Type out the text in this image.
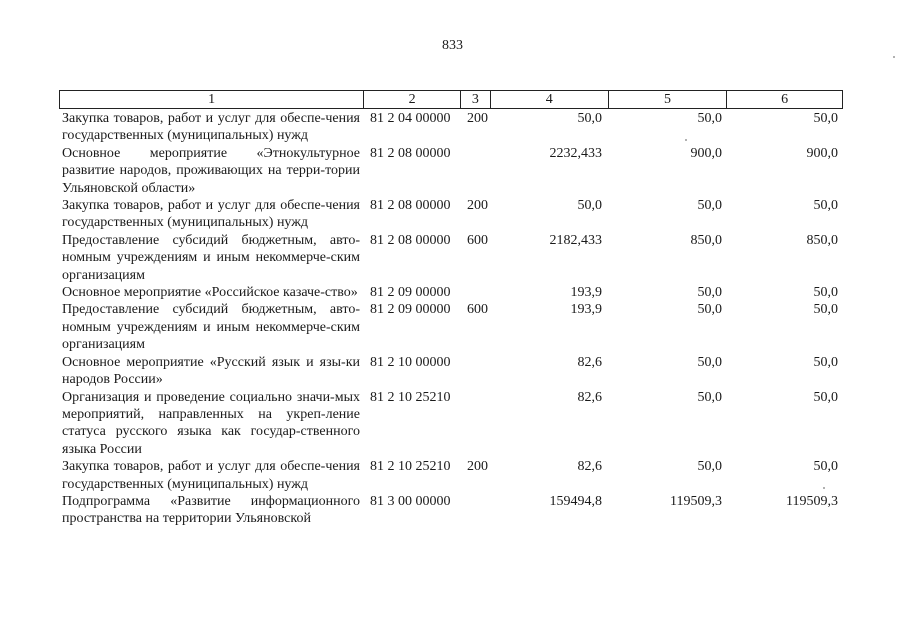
833
1	2	3	4	5	6
Закупка товаров, работ и услуг для обеспе-чения государственных (муниципальных) нужд
81 2 04 00000 200	50,0	50,0	50,0
Основное мероприятие «Этнокультурное развитие народов, проживающих на терри-тории Ульяновской области»
81 2 08 00000	2232,433	900,0	900,0
Закупка товаров, работ и услуг для обеспе-чения государственных (муниципальных) нужд
81 2 08 00000 200	50,0	50,0	50,0
Предоставление субсидий бюджетным, авто-номным учреждениям и иным некоммерче-ским организациям
81 2 08 00000 600	2182,433	850,0	850,0
Основное мероприятие «Российское казаче-ство» 81 2 09 00000	193,9	50,0	50,0
Предоставление субсидий бюджетным, авто-номным учреждениям и иным некоммерче-ским организациям
81 2 09 00000 600	193,9	50,0	50,0
Основное мероприятие «Русский язык и язы-ки народов России»
81 2 10 00000	82,6	50,0	50,0
Организация и проведение социально значи-мых мероприятий, направленных на укреп-ление статуса русского языка как государ-ственного языка России
81 2 10 25210	82,6	50,0	50,0
Закупка товаров, работ и услуг для обеспе-чения государственных (муниципальных) нужд
81 2 10 25210 200	82,6	50,0	50,0
Подпрограмма «Развитие информационного пространства на территории Ульяновской
81 3 00 00000	159494,8	119509,3	119509,3
